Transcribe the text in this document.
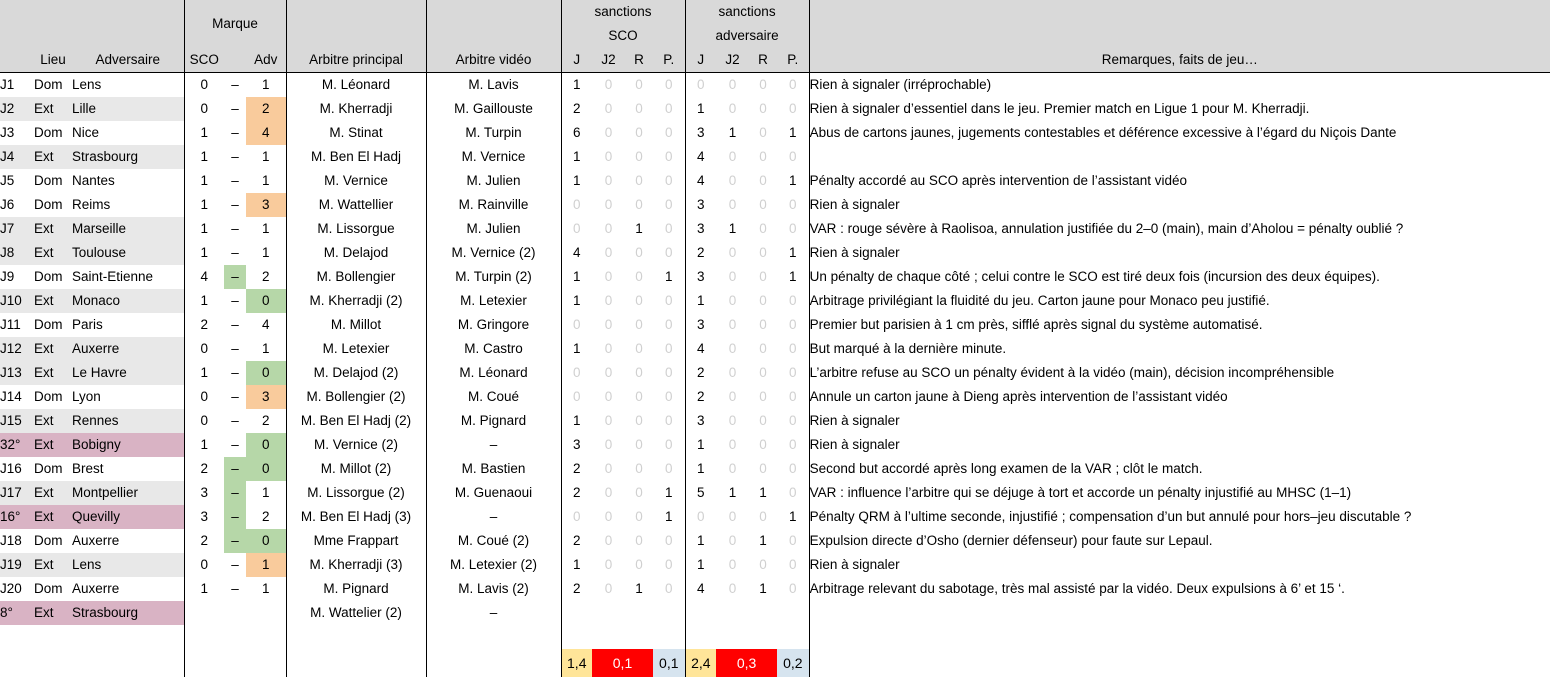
			Marque			
sanctions
SCO

sanctions
adversaire

	Lieu	Adversaire	SCO		Adv	Arbitre principal	Arbitre vidéo	J	J2	R	P.	J	J2	R	P.	Remarques, faits de jeu…
J1	Dom	Lens	0	–	1	M. Léonard	M. Lavis	1	0	0	0	0	0	0	0	Rien à signaler (irréprochable)
J2	Ext	Lille	0	–	2	M. Kherradji	M. Gaillouste	2	0	0	0	1	0	0	0	Rien à signaler d’essentiel dans le jeu. Premier match en Ligue 1 pour M. Kherradji.
J3	Dom	Nice	1	–	4	M. Stinat	M. Turpin	6	0	0	0	3	1	0	1	Abus de cartons jaunes, jugements contestables et déférence excessive à l’égard du Niçois Dante
J4	Ext	Strasbourg	1	–	1	M. Ben El Hadj	M. Vernice	1	0	0	0	4	0	0	0	
J5	Dom	Nantes	1	–	1	M. Vernice	M. Julien	1	0	0	0	4	0	0	1	Pénalty accordé au SCO après intervention de l’assistant vidéo
J6	Dom	Reims	1	–	3	M. Wattellier	M. Rainville	0	0	0	0	3	0	0	0	Rien à signaler
J7	Ext	Marseille	1	–	1	M. Lissorgue	M. Julien	0	0	1	0	3	1	0	0	VAR : rouge sévère à Raolisoa, annulation justifiée du 2–0 (main), main d’Aholou = pénalty oublié ?
J8	Ext	Toulouse	1	–	1	M. Delajod	M. Vernice (2)	4	0	0	0	2	0	0	1	Rien à signaler
J9	Dom	Saint-Etienne	4	–	2	M. Bollengier	M. Turpin (2)	1	0	0	1	3	0	0	1	Un pénalty de chaque côté ; celui contre le SCO est tiré deux fois (incursion des deux équipes).
J10	Ext	Monaco	1	–	0	M. Kherradji (2)	M. Letexier	1	0	0	0	1	0	0	0	Arbitrage privilégiant la fluidité du jeu. Carton jaune pour Monaco peu justifié.
J11	Dom	Paris	2	–	4	M. Millot	M. Gringore	0	0	0	0	3	0	0	0	Premier but parisien à 1 cm près, sifflé après signal du système automatisé.
J12	Ext	Auxerre	0	–	1	M. Letexier	M. Castro	1	0	0	0	4	0	0	0	But marqué à la dernière minute.
J13	Ext	Le Havre	1	–	0	M. Delajod (2)	M. Léonard	0	0	0	0	2	0	0	0	L’arbitre refuse au SCO un pénalty évident à la vidéo (main), décision incompréhensible
J14	Dom	Lyon	0	–	3	M. Bollengier (2)	M. Coué	0	0	0	0	2	0	0	0	Annule un carton jaune à Dieng après intervention de l’assistant vidéo
J15	Ext	Rennes	0	–	2	M. Ben El Hadj (2)	M. Pignard	1	0	0	0	3	0	0	0	Rien à signaler
32°	Ext	Bobigny	1	–	0	M. Vernice (2)	–	3	0	0	0	1	0	0	0	Rien à signaler
J16	Dom	Brest	2	–	0	M. Millot (2)	M. Bastien	2	0	0	0	1	0	0	0	Second but accordé après long examen de la VAR ; clôt le match.
J17	Ext	Montpellier	3	–	1	M. Lissorgue (2)	M. Guenaoui	2	0	0	1	5	1	1	0	VAR : influence l’arbitre qui se déjuge à tort et accorde un pénalty injustifié au MHSC (1–1)
16°	Ext	Quevilly	3	–	2	M. Ben El Hadj (3)	–	0	0	0	1	0	0	0	1	Pénalty QRM à l’ultime seconde, injustifié ; compensation d’un but annulé pour hors–jeu discutable ?
J18	Dom	Auxerre	2	–	0	Mme Frappart	M. Coué (2)	2	0	0	0	1	0	1	0	Expulsion directe d’Osho (dernier défenseur) pour faute sur Lepaul.
J19	Ext	Lens	0	–	1	M. Kherradji (3)	M. Letexier (2)	1	0	0	0	1	0	0	0	Rien à signaler
J20	Dom	Auxerre	1	–	1	M. Pignard	M. Lavis (2)	2	0	1	0	4	0	1	0	Arbitrage relevant du sabotage, très mal assisté par la vidéo. Deux expulsions à 6’ et 15 ‘.
8°	Ext	Strasbourg				M. Wattelier (2)	–									

								1,4	0,1		0,1	2,4	0,3		0,2	
